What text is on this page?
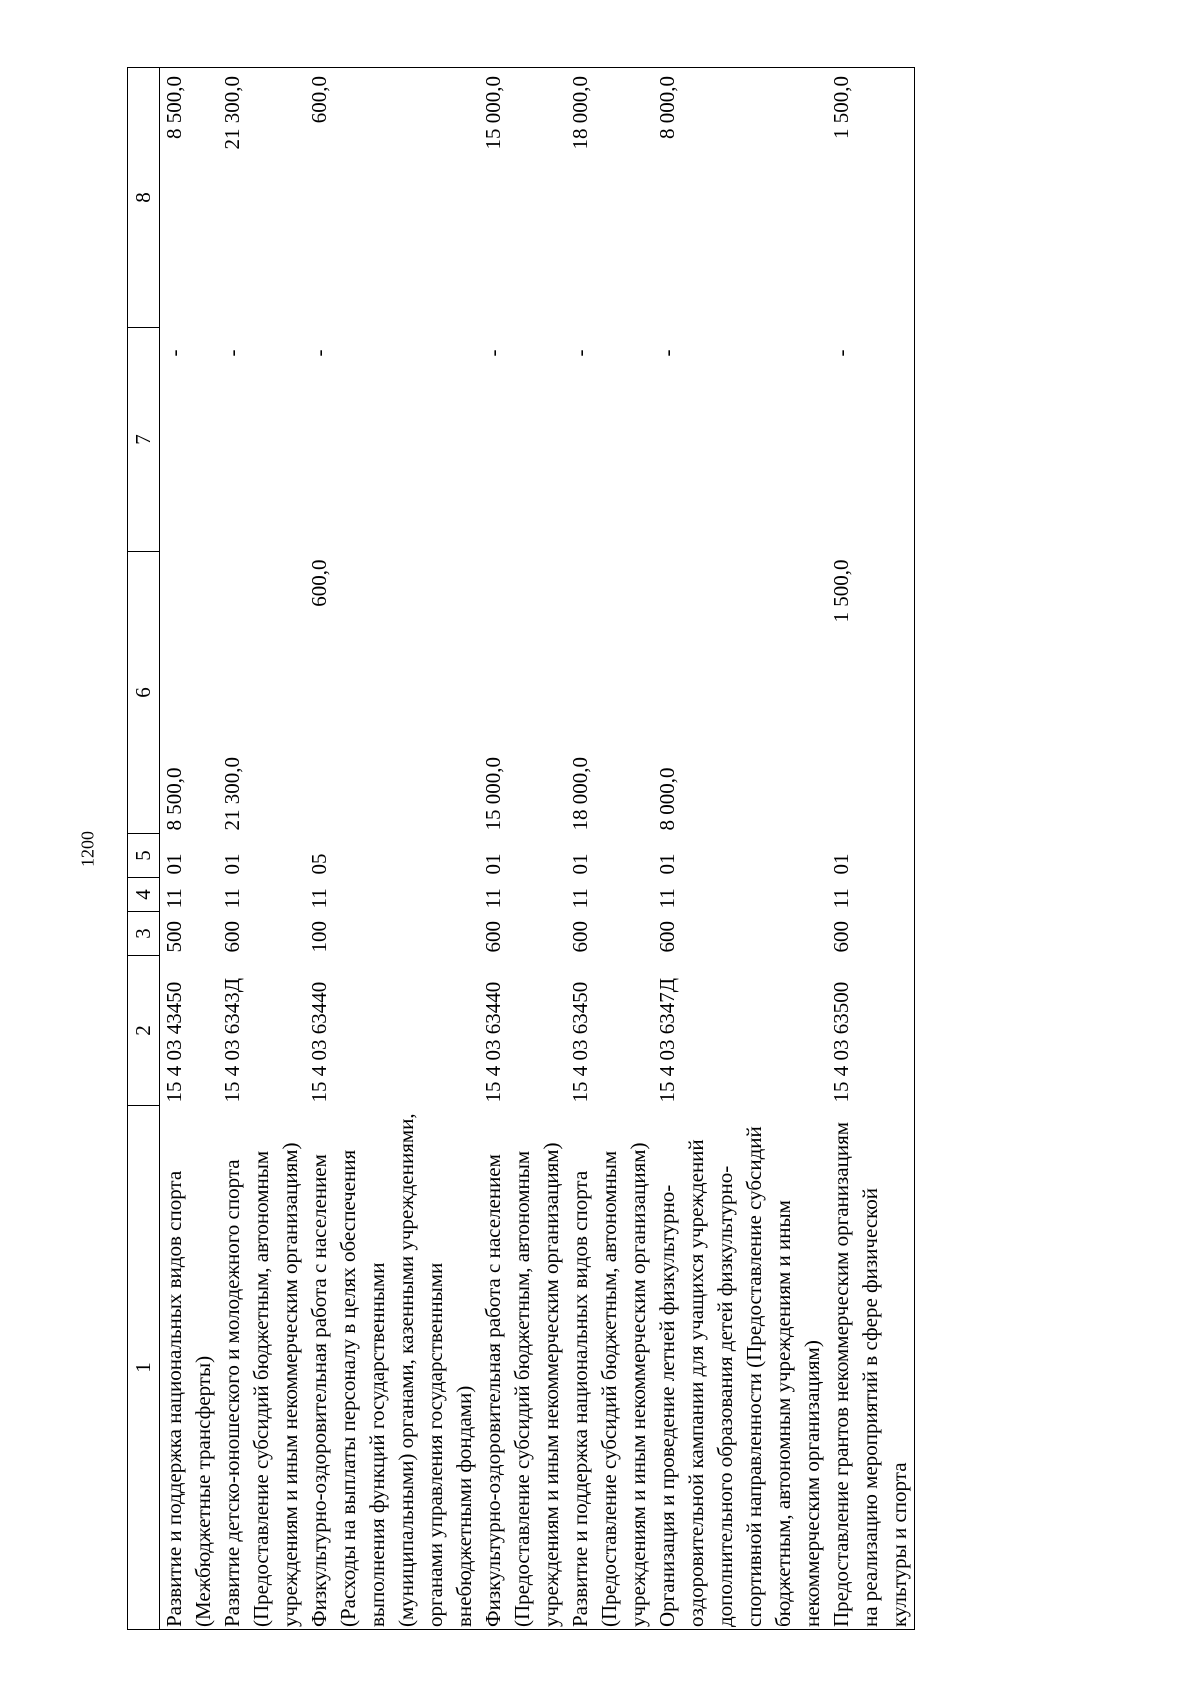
1200
1	2	3	4	5	6	7	8
Развитие и поддержка национальных видов спорта (Межбюджетные трансферты)	15 4 03 43450	500	11	01	8 500,0	-	8 500,0
Развитие детско-юношеского и молодежного спорта (Предоставление субсидий бюджетным, автономным учреждениям и иным некоммерческим организациям)	15 4 03 6343Д	600	11	01	21 300,0	-	21 300,0
Физкультурно-оздоровительная работа с населением (Расходы на выплаты персоналу в целях обеспечения выполнения функций государственными (муниципальными) органами, казенными учреждениями, органами управления государственными внебюджетными фондами)	15 4 03 63440	100	11	05	600,0	-	600,0
Физкультурно-оздоровительная работа с населением (Предоставление субсидий бюджетным, автономным учреждениям и иным некоммерческим организациям)	15 4 03 63440	600	11	01	15 000,0	-	15 000,0
Развитие и поддержка национальных видов спорта (Предоставление субсидий бюджетным, автономным учреждениям и иным некоммерческим организациям)	15 4 03 63450	600	11	01	18 000,0	-	18 000,0
Организация и проведение летней физкультурно-оздоровительной кампании для учащихся учреждений дополнительного образования детей физкультурно-спортивной направленности (Предоставление субсидий бюджетным, автономным учреждениям и иным некоммерческим организациям)	15 4 03 6347Д	600	11	01	8 000,0	-	8 000,0
Предоставление грантов некоммерческим организациям на реализацию мероприятий в сфере физической культуры и спорта	15 4 03 63500	600	11	01	1 500,0	-	1 500,0
